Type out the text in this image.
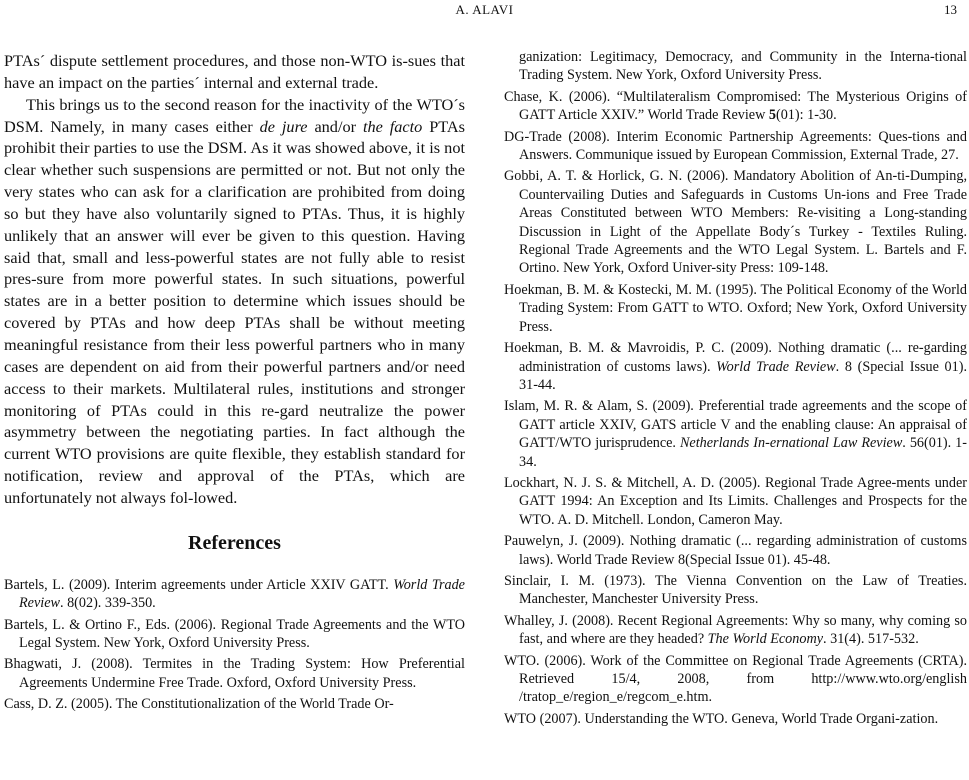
A. ALAVI	13

PTAs´ dispute settlement procedures, and those non-WTO is-sues that have an impact on the parties´ internal and external trade.

This brings us to the second reason for the inactivity of the WTO´s DSM. Namely, in many cases either de jure and/or the facto PTAs prohibit their parties to use the DSM. As it was showed above, it is not clear whether such suspensions are permitted or not. But not only the very states who can ask for a clarification are prohibited from doing so but they have also voluntarily signed to PTAs. Thus, it is highly unlikely that an answer will ever be given to this question. Having said that, small and less-powerful states are not fully able to resist pres-sure from more powerful states. In such situations, powerful states are in a better position to determine which issues should be covered by PTAs and how deep PTAs shall be without meeting meaningful resistance from their less powerful partners who in many cases are dependent on aid from their powerful partners and/or need access to their markets. Multilateral rules, institutions and stronger monitoring of PTAs could in this re-gard neutralize the power asymmetry between the negotiating parties. In fact although the current WTO provisions are quite flexible, they establish standard for notification, review and approval of the PTAs, which are unfortunately not always fol-lowed.

References

Bartels, L. (2009). Interim agreements under Article XXIV GATT. World Trade Review. 8(02). 339-350.

Bartels, L. & Ortino F., Eds. (2006). Regional Trade Agreements and the WTO Legal System. New York, Oxford University Press.

Bhagwati, J. (2008). Termites in the Trading System: How Preferential Agreements Undermine Free Trade. Oxford, Oxford University Press.

Cass, D. Z. (2005). The Constitutionalization of the World Trade Or-

ganization: Legitimacy, Democracy, and Community in the Interna-tional Trading System. New York, Oxford University Press.

Chase, K. (2006). “Multilateralism Compromised: The Mysterious Origins of GATT Article XXIV.” World Trade Review 5(01): 1-30.

DG-Trade (2008). Interim Economic Partnership Agreements: Ques-tions and Answers. Communique issued by European Commission, External Trade, 27.

Gobbi, A. T. & Horlick, G. N. (2006). Mandatory Abolition of An-ti-Dumping, Countervailing Duties and Safeguards in Customs Un-ions and Free Trade Areas Constituted between WTO Members: Re-visiting a Long-standing Discussion in Light of the Appellate Body´s Turkey - Textiles Ruling. Regional Trade Agreements and the WTO Legal System. L. Bartels and F. Ortino. New York, Oxford Univer-sity Press: 109-148.

Hoekman, B. M. & Kostecki, M. M. (1995). The Political Economy of the World Trading System: From GATT to WTO. Oxford; New York, Oxford University Press.

Hoekman, B. M. & Mavroidis, P. C. (2009). Nothing dramatic (... re-garding administration of customs laws). World Trade Review. 8 (Special Issue 01). 31-44.

Islam, M. R. & Alam, S. (2009). Preferential trade agreements and the scope of GATT article XXIV, GATS article V and the enabling clause: An appraisal of GATT/WTO jurisprudence. Netherlands In-ernational Law Review. 56(01). 1-34.

Lockhart, N. J. S. & Mitchell, A. D. (2005). Regional Trade Agree-ments under GATT 1994: An Exception and Its Limits. Challenges and Prospects for the WTO. A. D. Mitchell. London, Cameron May.

Pauwelyn, J. (2009). Nothing dramatic (... regarding administration of customs laws). World Trade Review 8(Special Issue 01). 45-48.

Sinclair, I. M. (1973). The Vienna Convention on the Law of Treaties. Manchester, Manchester University Press.

Whalley, J. (2008). Recent Regional Agreements: Why so many, why coming so fast, and where are they headed? The World Economy. 31(4). 517-532.

WTO. (2006). Work of the Committee on Regional Trade Agreements (CRTA). Retrieved 15/4, 2008, from http://www.wto.org/english /tratop_e/region_e/regcom_e.htm.

WTO (2007). Understanding the WTO. Geneva, World Trade Organi-zation.
